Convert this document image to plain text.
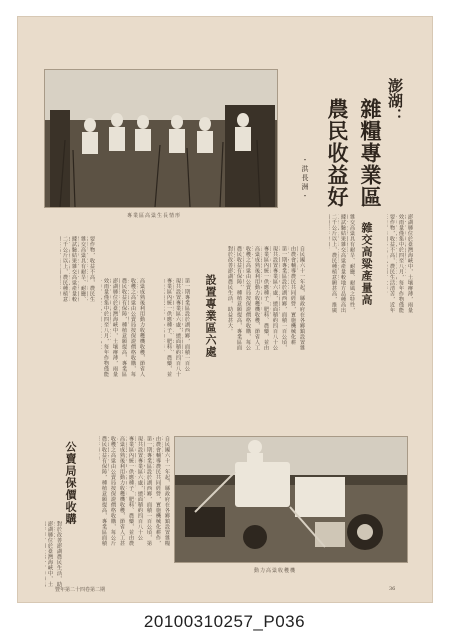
專業區高粱生長情形
澎湖：
雜糧專業區
農民收益好
・洪長洲・
澎湖縣位於臺灣海峽中，土壤瘠薄，雨量
效雨量僅集中於四至八月，每年作物僅能
要作物，收益不高，農民生活清苦，近年
雜交高粱產量高
雜交高粱具有耐旱、耐鹽、耐風之特性，
據試驗結果雜交高粱產量較地方品種高出
二千公斤以上，農民種植意願甚高，推廣
自民國六十一年起，縣政府在各鄉鎮設置雜
由農會輔導農民共同經營，實施機械化耕
第一期專業區設於湖西鄉，面積一百公頃，
現共設置專業區六處，總面積約四百八十公
專業區內統一供應種子、肥料、農藥，並由
高粱成熟後利用動力收穫機收穫，節省人工
收穫之高粱由公賣局按保證價格收購，每公
農民收益有保障，種植意願提高，專業區面
對於改善澎湖農民生活，助益甚大。
設置專業區六處
第一期專業區設於湖西鄉，面積一百公
現共設置專業區六處，總面積約四百八十
專業區內統一供應種子、肥料、農藥，並
高粱成熟後利用動力收穫機收穫，節省人
收穫之高粱由公賣局按保證價格收購，每
農民收益有保障，種植意願提高，專業區
澎湖縣位於臺灣海峽中，土壤瘠薄，雨量
效雨量僅集中於四至八月，每年作物僅能
要作物，收益不高，農民生
雜交高粱具有耐旱、耐鹽、
據試驗結果雜交高粱產量較
二千公斤以上，農民種植意
公賣局保價收購
自民國六十一年起，縣政府在各鄉鎮設置雜糧
由農會輔導農民共同經營，實施機械化耕作，
第一期專業區設於湖西鄉，面積一百公頃，第
現共設置專業區六處，總面積約四百八十公
專業區內統一供應種子、肥料、農藥，並由農
高粱成熟後利用動力收穫機收穫，節省人工甚
收穫之高粱由公賣局按保證價格收購，每公斤
農民收益有保障，種植意願提高，專業區面積
對於改善澎湖農民生活，助
澎湖縣位於臺灣海峽中，土
動力高粱收穫機
豐年第二十四卷第二期	36
20100310257_P036
